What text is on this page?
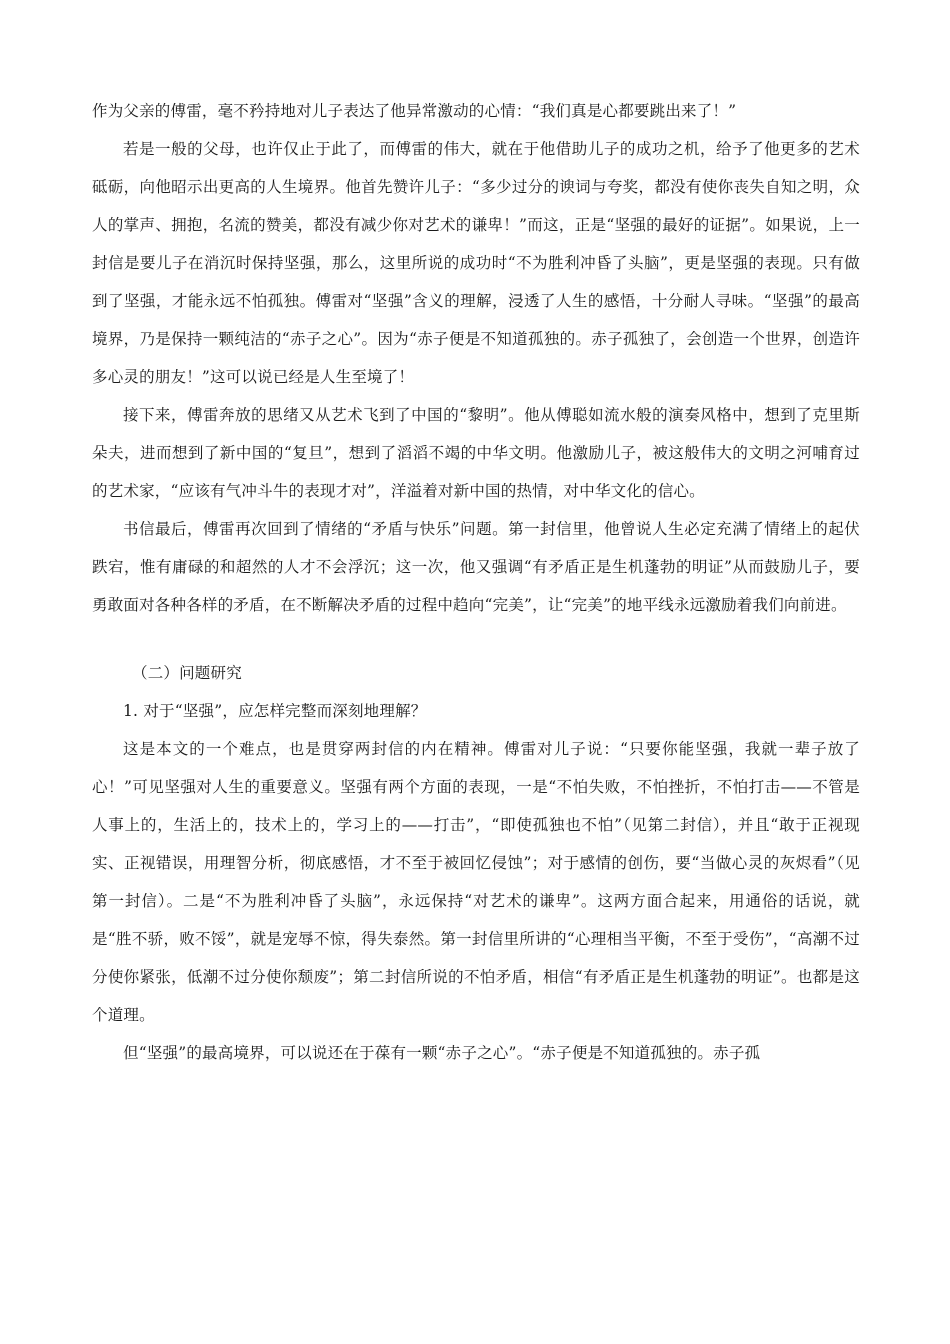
作为父亲的傅雷，毫不矜持地对儿子表达了他异常激动的心情：“我们真是心都要跳出来了！”

若是一般的父母，也许仅止于此了，而傅雷的伟大，就在于他借助儿子的成功之机，给予了他更多的艺术砥砺，向他昭示出更高的人生境界。他首先赞许儿子：“多少过分的谀词与夸奖，都没有使你丧失自知之明，众人的掌声、拥抱，名流的赞美，都没有减少你对艺术的谦卑！”而这，正是“坚强的最好的证据”。如果说，上一封信是要儿子在消沉时保持坚强，那么，这里所说的成功时“不为胜利冲昏了头脑”，更是坚强的表现。只有做到了坚强，才能永远不怕孤独。傅雷对“坚强”含义的理解，浸透了人生的感悟，十分耐人寻味。“坚强”的最高境界，乃是保持一颗纯洁的“赤子之心”。因为“赤子便是不知道孤独的。赤子孤独了，会创造一个世界，创造许多心灵的朋友！”这可以说已经是人生至境了！

接下来，傅雷奔放的思绪又从艺术飞到了中国的“黎明”。他从傅聪如流水般的演奏风格中，想到了克里斯朵夫，进而想到了新中国的“复旦”，想到了滔滔不竭的中华文明。他激励儿子，被这般伟大的文明之河哺育过的艺术家，“应该有气冲斗牛的表现才对”，洋溢着对新中国的热情，对中华文化的信心。

书信最后，傅雷再次回到了情绪的“矛盾与快乐”问题。第一封信里，他曾说人生必定充满了情绪上的起伏跌宕，惟有庸碌的和超然的人才不会浮沉；这一次，他又强调“有矛盾正是生机蓬勃的明证”从而鼓励儿子，要勇敢面对各种各样的矛盾，在不断解决矛盾的过程中趋向“完美”，让“完美”的地平线永远激励着我们向前进。

（二）问题研究

1. 对于“坚强”，应怎样完整而深刻地理解？

这是本文的一个难点，也是贯穿两封信的内在精神。傅雷对儿子说：“只要你能坚强，我就一辈子放了心！”可见坚强对人生的重要意义。坚强有两个方面的表现，一是“不怕失败，不怕挫折，不怕打击——不管是人事上的，生活上的，技术上的，学习上的——打击”，“即使孤独也不怕”（见第二封信），并且“敢于正视现实、正视错误，用理智分析，彻底感悟，才不至于被回忆侵蚀”；对于感情的创伤，要“当做心灵的灰烬看”（见第一封信）。二是“不为胜利冲昏了头脑”，永远保持“对艺术的谦卑”。这两方面合起来，用通俗的话说，就是“胜不骄，败不馁”，就是宠辱不惊，得失泰然。第一封信里所讲的“心理相当平衡，不至于受伤”，“高潮不过分使你紧张，低潮不过分使你颓废”；第二封信所说的不怕矛盾，相信“有矛盾正是生机蓬勃的明证”。也都是这个道理。

但“坚强”的最高境界，可以说还在于葆有一颗“赤子之心”。“赤子便是不知道孤独的。赤子孤
